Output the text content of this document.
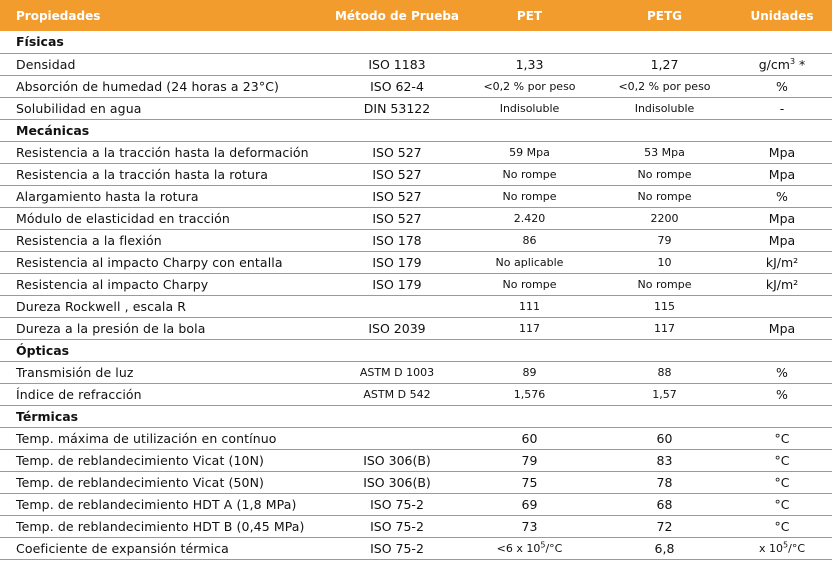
Propiedades	Método de Prueba	PET	PETG	Unidades
Físicas				
Densidad	ISO 1183	1,33	1,27	$g/cm^3$ *
Absorción de humedad (24 horas a 23°C)	ISO 62-4	<0,2 % por peso	<0,2 % por peso	%
Solubilidad en agua	DIN 53122	Indisoluble	Indisoluble	-
Mecánicas				
Resistencia a la tracción hasta la deformación	ISO 527	59 Mpa	53 Mpa	Mpa
Resistencia a la tracción hasta la rotura	ISO 527	No rompe	No rompe	Mpa
Alargamiento hasta la rotura	ISO 527	No rompe	No rompe	%
Módulo de elasticidad en tracción	ISO 527	2.420	2200	Mpa
Resistencia a la flexión	ISO 178	86	79	Mpa
Resistencia al impacto Charpy con entalla	ISO 179	No aplicable	10	kJ/m²
Resistencia al impacto Charpy	ISO 179	No rompe	No rompe	kJ/m²
Dureza Rockwell , escala R		111	115	
Dureza a la presión de la bola	ISO 2039	117	117	Mpa
Ópticas				
Transmisión de luz	ASTM D 1003	89	88	%
Índice de refracción	ASTM D 542	1,576	1,57	%
Térmicas				
Temp. máxima de utilización en contínuo		60	60	°C
Temp. de reblandecimiento Vicat (10N)	ISO 306(B)	79	83	°C
Temp. de reblandecimiento Vicat (50N)	ISO 306(B)	75	78	°C
Temp. de reblandecimiento HDT A (1,8 MPa)	ISO 75-2	69	68	°C
Temp. de reblandecimiento HDT B (0,45 MPa)	ISO 75-2	73	72	°C
Coeficiente de expansión térmica	ISO 75-2	<6 x $10^5/^\circ C$	6,8	x $10^5/^\circ C$
